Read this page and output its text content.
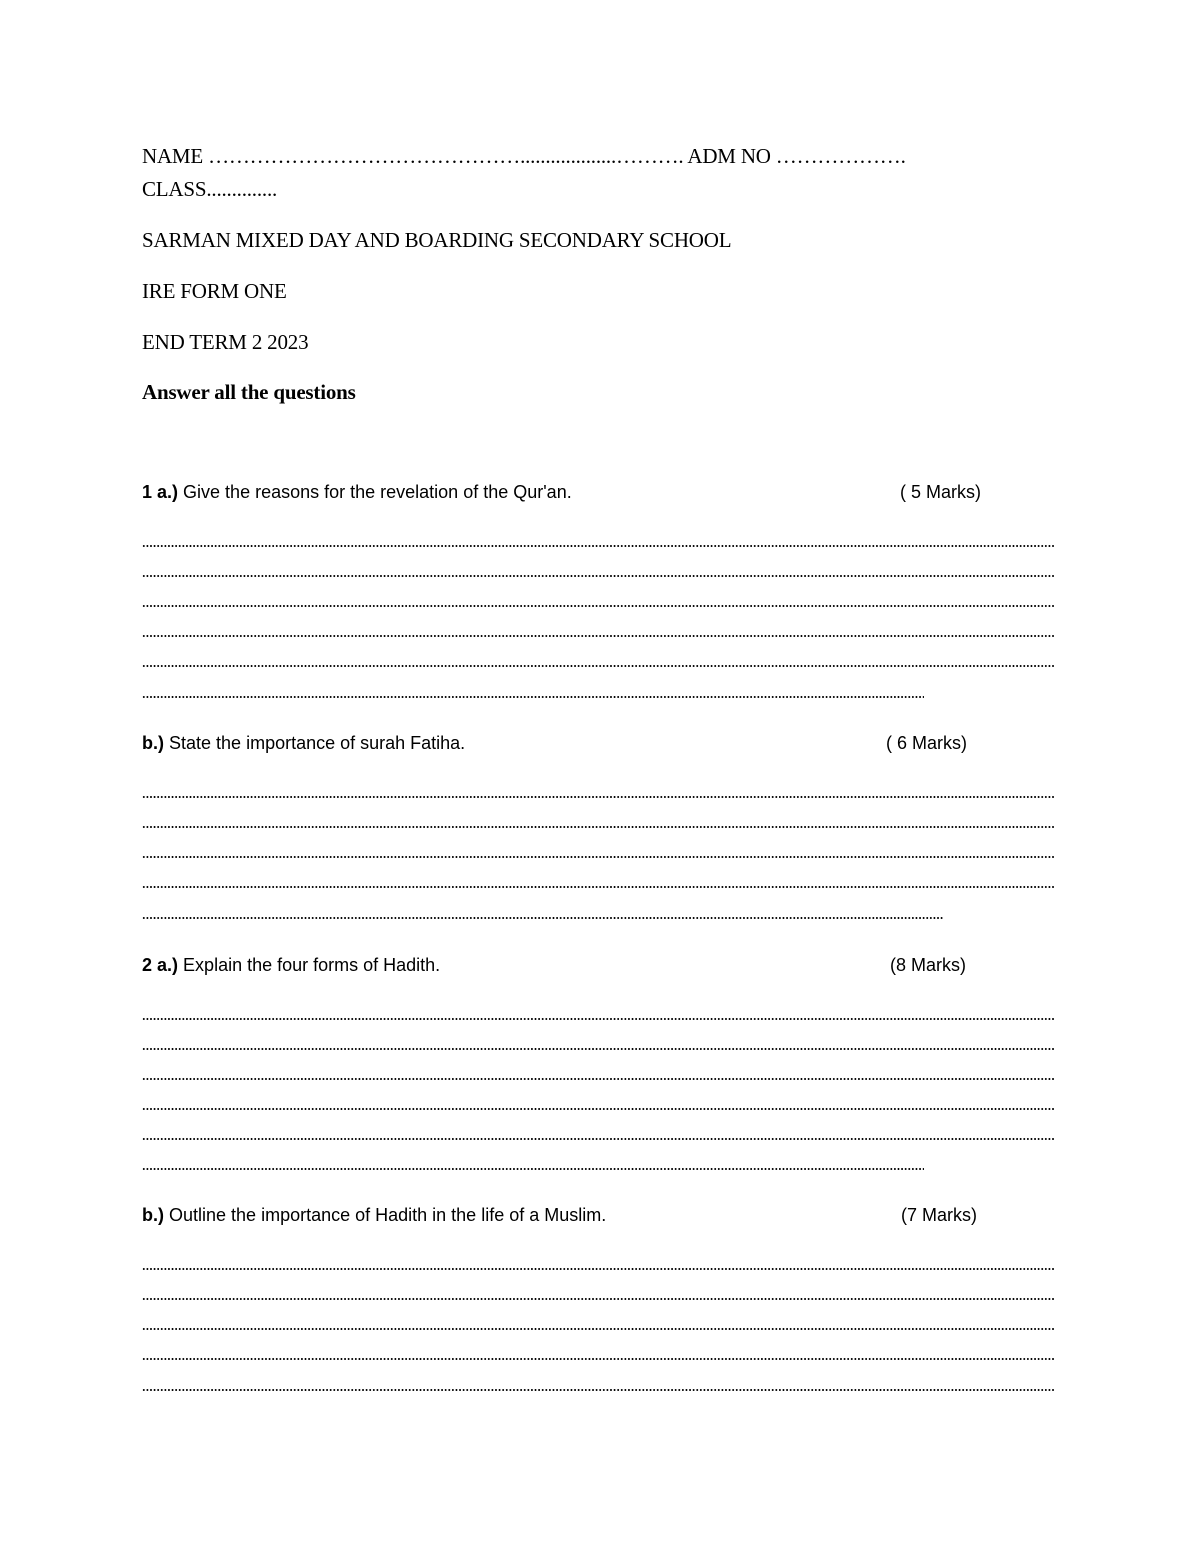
NAME ………………………………………...................………. ADM NO ……………….
CLASS..............
SARMAN MIXED DAY AND BOARDING SECONDARY SCHOOL
IRE FORM ONE
END TERM 2 2023
Answer all the questions
1 a.) Give the reasons for the revelation of the Qur'an.	( 5 Marks)
b.) State the importance of surah Fatiha.	( 6 Marks)
2 a.) Explain the four forms of Hadith.	(8 Marks)
b.) Outline the importance of Hadith in the life of a Muslim.	(7 Marks)
